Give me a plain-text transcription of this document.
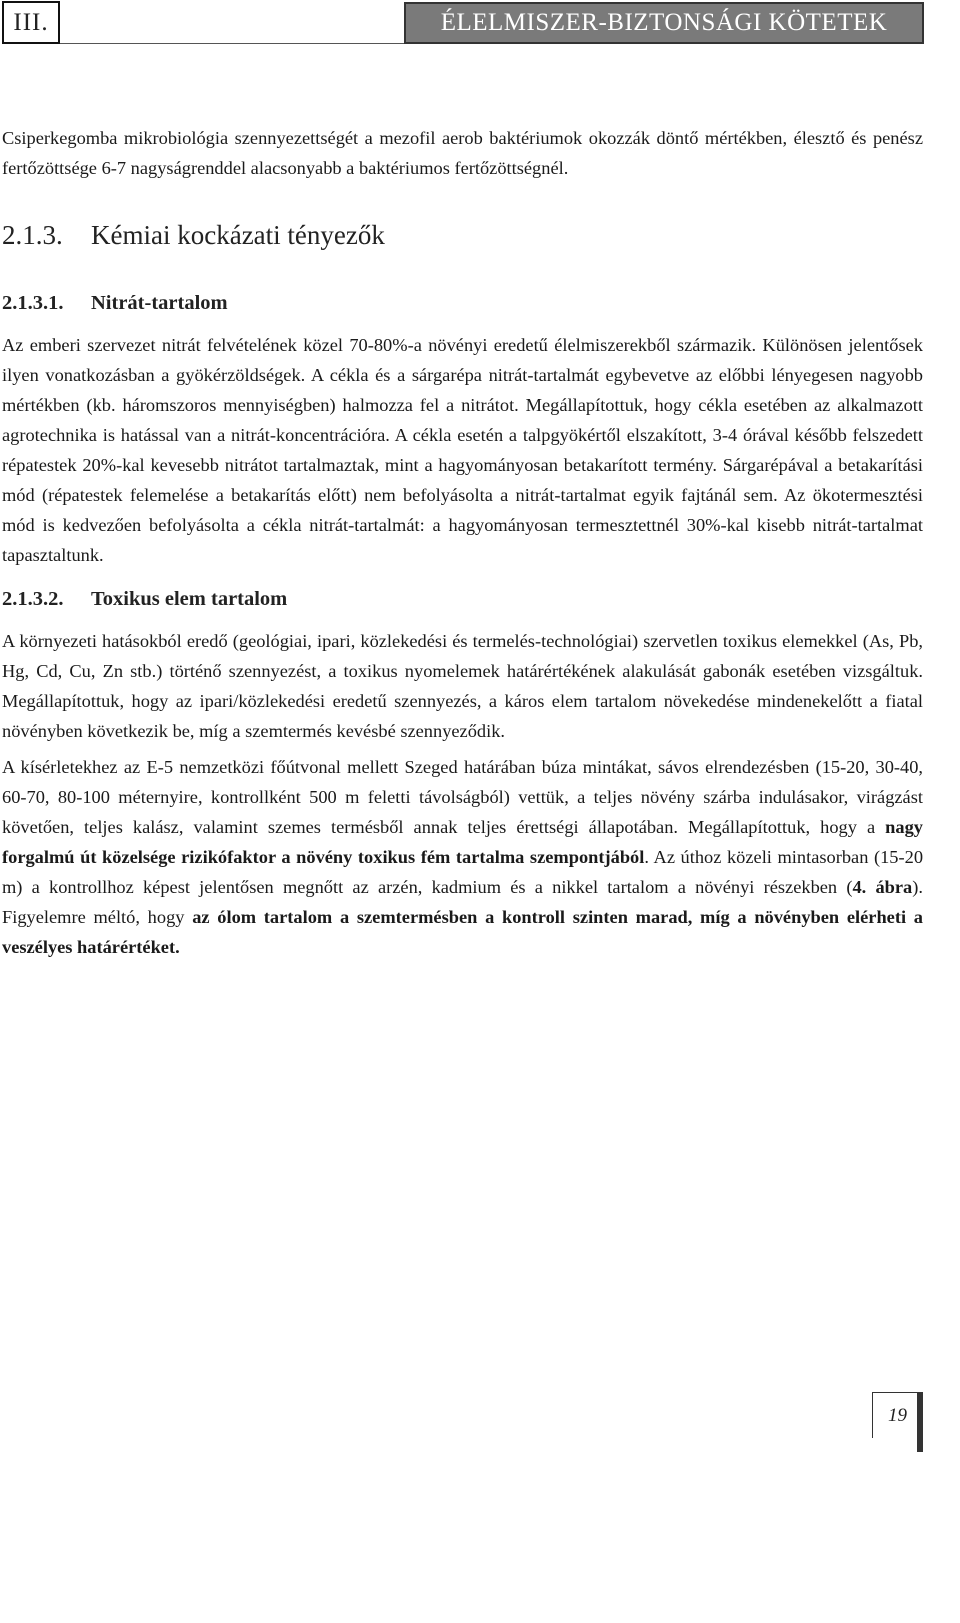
III.	ÉLELMISZER-BIZTONSÁGI KÖTETEK

Csiperkegomba mikrobiológia szennyezettségét a mezofil aerob baktériumok okozzák döntő mértékben, élesztő és penész fertőzöttsége 6-7 nagyságrenddel alacsonyabb a baktériumos fertőzöttségnél.

2.1.3. Kémiai kockázati tényezők
2.1.3.1. Nitrát-tartalom

Az emberi szervezet nitrát felvételének közel 70-80%-a növényi eredetű élelmiszerekből származik. Különösen jelentősek ilyen vonatkozásban a gyökérzöldségek. A cékla és a sárgarépa nitrát-tartalmát egybevetve az előbbi lényegesen nagyobb mértékben (kb. háromszoros mennyiségben) halmozza fel a nitrátot. Megállapítottuk, hogy cékla esetében az alkalmazott agrotechnika is hatással van a nitrát-koncentrációra. A cékla esetén a talpgyökértől elszakított, 3-4 órával később felszedett répatestek 20%-kal kevesebb nitrátot tartalmaztak, mint a hagyományosan betakarított termény. Sárgarépával a betakarítási mód (répatestek felemelése a betakarítás előtt) nem befolyásolta a nitrát-tartalmat egyik fajtánál sem. Az ökotermesztési mód is kedvezően befolyásolta a cékla nitrát-tartalmát: a hagyományosan termesztettnél 30%-kal kisebb nitrát-tartalmat tapasztaltunk.

2.1.3.2. Toxikus elem tartalom

A környezeti hatásokból eredő (geológiai, ipari, közlekedési és termelés-technológiai) szervetlen toxikus elemekkel (As, Pb, Hg, Cd, Cu, Zn stb.) történő szennyezést, a toxikus nyomelemek határértékének alakulását gabonák esetében vizsgáltuk. Megállapítottuk, hogy az ipari/közlekedési eredetű szennyezés, a káros elem tartalom növekedése mindenekelőtt a fiatal növényben következik be, míg a szemtermés kevésbé szennyeződik.

A kísérletekhez az E-5 nemzetközi főútvonal mellett Szeged határában búza mintákat, sávos elrendezésben (15-20, 30-40, 60-70, 80-100 méternyire, kontrollként 500 m feletti távolságból) vettük, a teljes növény szárba indulásakor, virágzást követően, teljes kalász, valamint szemes termésből annak teljes érettségi állapotában. Megállapítottuk, hogy a nagy forgalmú út közelsége rizikófaktor a növény toxikus fém tartalma szempontjából. Az úthoz közeli mintasorban (15-20 m) a kontrollhoz képest jelentősen megnőtt az arzén, kadmium és a nikkel tartalom a növényi részekben (4. ábra). Figyelemre méltó, hogy az ólom tartalom a szemtermésben a kontroll szinten marad, míg a növényben elérheti a veszélyes határértéket.

19
